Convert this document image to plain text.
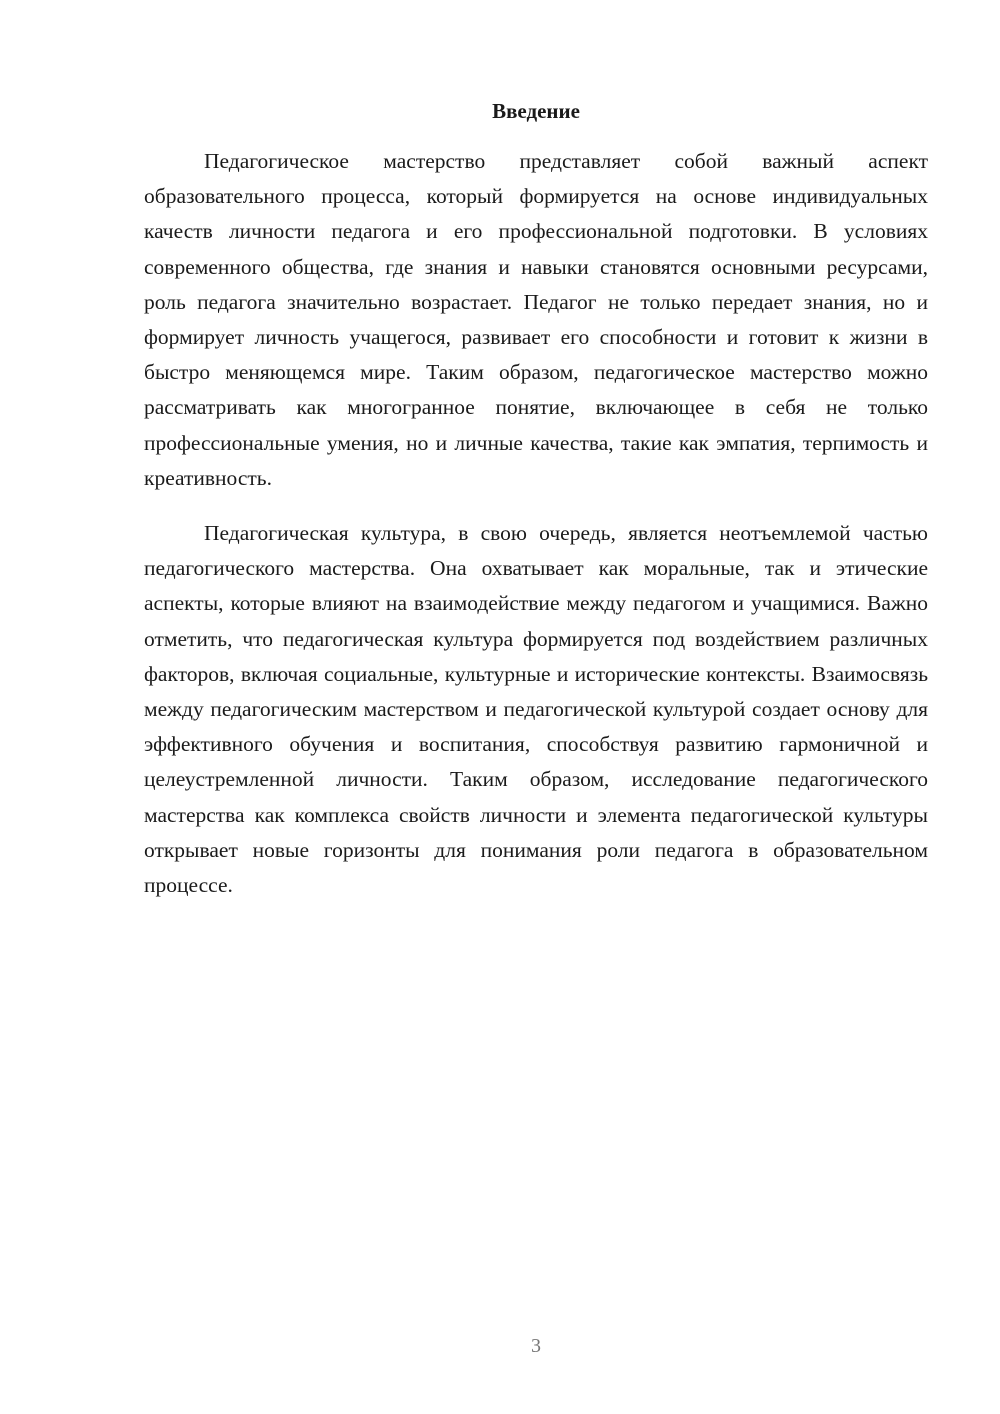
Введение

Педагогическое мастерство представляет собой важный аспект образовательного процесса, который формируется на основе индивидуальных качеств личности педагога и его профессиональной подготовки. В условиях современного общества, где знания и навыки становятся основными ресурсами, роль педагога значительно возрастает. Педагог не только передает знания, но и формирует личность учащегося, развивает его способности и готовит к жизни в быстро меняющемся мире. Таким образом, педагогическое мастерство можно рассматривать как многогранное понятие, включающее в себя не только профессиональные умения, но и личные качества, такие как эмпатия, терпимость и креативность.

Педагогическая культура, в свою очередь, является неотъемлемой частью педагогического мастерства. Она охватывает как моральные, так и этические аспекты, которые влияют на взаимодействие между педагогом и учащимися. Важно отметить, что педагогическая культура формируется под воздействием различных факторов, включая социальные, культурные и исторические контексты. Взаимосвязь между педагогическим мастерством и педагогической культурой создает основу для эффективного обучения и воспитания, способствуя развитию гармоничной и целеустремленной личности. Таким образом, исследование педагогического мастерства как комплекса свойств личности и элемента педагогической культуры открывает новые горизонты для понимания роли педагога в образовательном процессе.

3
